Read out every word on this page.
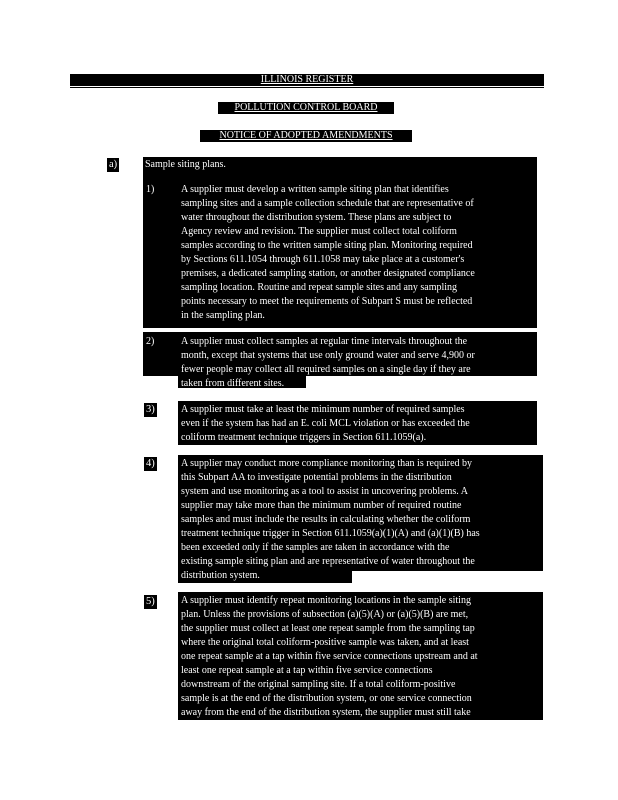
ILLINOIS REGISTER
POLLUTION CONTROL BOARD
NOTICE OF ADOPTED AMENDMENTS
a)	Sample siting plans.
1)	A supplier must develop a written sample siting plan that identifies
sampling sites and a sample collection schedule that are representative of
water throughout the distribution system. These plans are subject to
Agency review and revision. The supplier must collect total coliform
samples according to the written sample siting plan. Monitoring required
by Sections 611.1054 through 611.1058 may take place at a customer's
premises, a dedicated sampling station, or another designated compliance
sampling location. Routine and repeat sample sites and any sampling
points necessary to meet the requirements of Subpart S must be reflected
in the sampling plan.
2)	A supplier must collect samples at regular time intervals throughout the
month, except that systems that use only ground water and serve 4,900 or
fewer people may collect all required samples on a single day if they are
taken from different sites.
3)	A supplier must take at least the minimum number of required samples
even if the system has had an E. coli MCL violation or has exceeded the
coliform treatment technique triggers in Section 611.1059(a).
4)	A supplier may conduct more compliance monitoring than is required by
this Subpart AA to investigate potential problems in the distribution
system and use monitoring as a tool to assist in uncovering problems. A
supplier may take more than the minimum number of required routine
samples and must include the results in calculating whether the coliform
treatment technique trigger in Section 611.1059(a)(1)(A) and (a)(1)(B) has
been exceeded only if the samples are taken in accordance with the
existing sample siting plan and are representative of water throughout the
distribution system.
5)	A supplier must identify repeat monitoring locations in the sample siting
plan. Unless the provisions of subsection (a)(5)(A) or (a)(5)(B) are met,
the supplier must collect at least one repeat sample from the sampling tap
where the original total coliform-positive sample was taken, and at least
one repeat sample at a tap within five service connections upstream and at
least one repeat sample at a tap within five service connections
downstream of the original sampling site. If a total coliform-positive
sample is at the end of the distribution system, or one service connection
away from the end of the distribution system, the supplier must still take
